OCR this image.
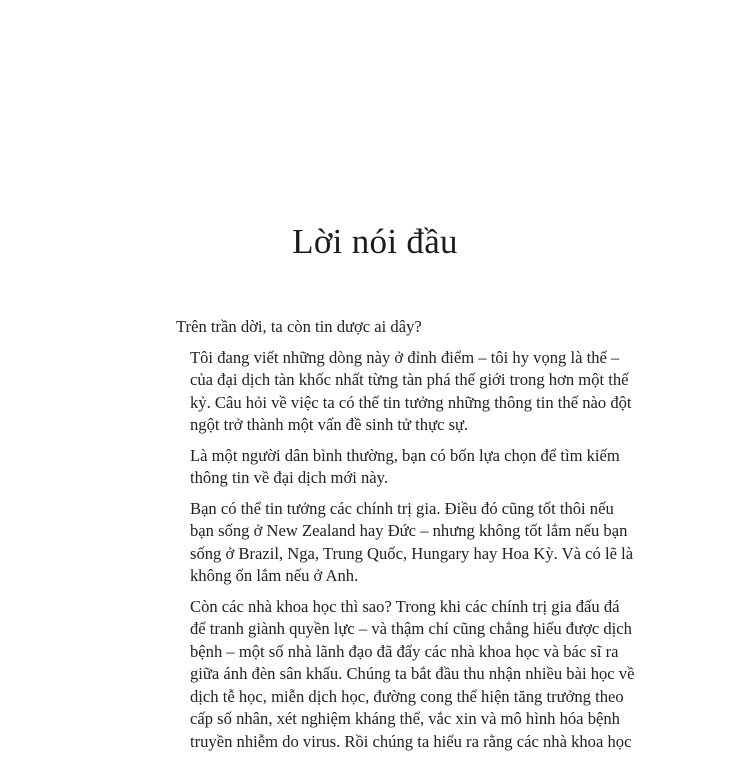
Lời nói đầu

Trên trần dời, ta còn tin dược ai dây?

Tôi đang viết những dòng này ở đỉnh điểm – tôi hy vọng là thế –
của đại dịch tàn khốc nhất từng tàn phá thế giới trong hơn một thế
kỷ. Câu hỏi về việc ta có thể tin tưởng những thông tin thế nào đột
ngột trở thành một vấn đề sinh tử thực sự.

Là một người dân bình thường, bạn có bốn lựa chọn để tìm kiếm
thông tin về đại dịch mới này.

Bạn có thể tin tưởng các chính trị gia. Điều đó cũng tốt thôi nếu
bạn sống ở New Zealand hay Đức – nhưng không tốt lắm nếu bạn
sống ở Brazil, Nga, Trung Quốc, Hungary hay Hoa Kỳ. Và có lẽ là
không ổn lắm nếu ở Anh.

Còn các nhà khoa học thì sao? Trong khi các chính trị gia đấu đá
để tranh giành quyền lực – và thậm chí cũng chẳng hiểu được dịch
bệnh – một số nhà lãnh đạo đã đẩy các nhà khoa học và bác sĩ ra
giữa ánh đèn sân khấu. Chúng ta bắt đầu thu nhận nhiều bài học về
dịch tễ học, miễn dịch học, đường cong thể hiện tăng trưởng theo
cấp số nhân, xét nghiệm kháng thể, vắc xin và mô hình hóa bệnh
truyền nhiễm do virus. Rồi chúng ta hiểu ra rằng các nhà khoa học
